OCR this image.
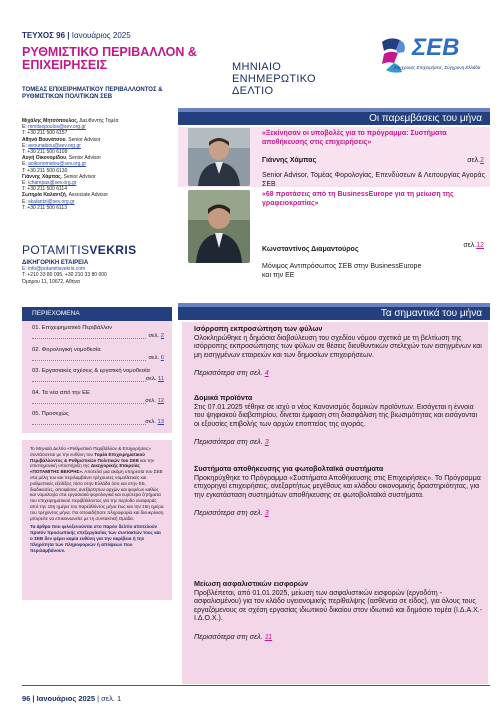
ΤΕΥΧΟΣ 96 | Ιανουάριος 2025
ΡΥΘΜΙΣΤΙΚΟ ΠΕΡΙΒΑΛΛΟΝ & ΕΠΙΧΕΙΡΗΣΕΙΣ	ΜΗΝΙΑΙΟ ΕΝΗΜΕΡΩΤΙΚΟ ΔΕΛΤΙΟ
ΣΕΒ
Σύγχρονες Επιχειρήσεις, Σύγχρονη Ελλάδα
ΤΟΜΕΑΣ ΕΠΙΧΕΙΡΗΜΑΤΙΚΟΥ ΠΕΡΙΒΑΛΛΟΝΤΟΣ & ΡΥΘΜΙΣΤΙΚΩΝ ΠΟΛΙΤΙΚΩΝ ΣΕΒ
Μιχάλης Μητσόπουλος, Διευθυντής Τομέα
E: mmitsopoulos@sev.org.gr
T: +30 211 500 6157
Αθηνά Βουνάτσου, Senior Advisor
E: avounatsou@sev.org.gr
T: +30 211 500 6109
Αυγή Οικονομίδου, Senior Advisor
E: aoikonomidou@sev.org.gr
T: +30 211 500 6130
Γιάννης Χάμπας, Senior Advisor
E: ichampas@sev.org.gr
T: +30 211 500 6114
Σωτηρία Καλαντζή, Associate Advisor
E: skalantzi@sev.org.gr
T: +30 211 500 6113
POTAMITISVEKRIS
ΔΙΚΗΓΟΡΙΚΗ ΕΤΑΙΡΕΙΑ
E: info@potamitisvekris.com
T: +210 33 80 095, +30 210 33 80 000
Όμηρου 11, 10672, Αθήνα
Οι παρεμβάσεις του μήνα
«Ξεκίνησαν οι υποβολές για το πρόγραμμα: Συστήματα αποθήκευσης στις επιχειρήσεις»
Γιάννης Χάμπας	σελ.2
Senior Advisor, Τομέας Φορολογίας, Επενδύσεων & Λειτουργίας Αγοράς ΣΕΒ
«68 προτάσεις από τη BusinessEurope για τη μείωση της γραφειοκρατίας»
Κωνσταντίνος Διαμαντούρος
σελ.12
Μόνιμος Αντιπρόσωπος ΣΕΒ στην BusinessEurope και την ΕΕ
Τα σημαντικά του μήνα
Ισόρροπη εκπροσώπηση των φύλων
Ολοκληρώθηκε η δημόσια διαβούλευση του σχεδίου νόμου σχετικά με τη βελτίωση της ισόρροπης εκπροσώπησης των φύλων σε θέσεις διευθυντικών στελεχών των εισηγμένων και μη εισηγμένων εταιρειών και των δημοσίων επιχειρήσεων.
Περισσότερα στη σελ. 4
Δομικά προϊόντα
Στις 07.01.2025 τέθηκε σε ισχύ ο νέος Κανονισμός δομικών προϊόντων. Εισάγεται η έννοια του ψηφιακού διαβατηρίου, δίνεται έμφαση στη διασφάλιση της βιωσιμότητας και εισάγονται οι εξουσίες επιβολής των αρχών εποπτείας της αγοράς.
Περισσότερα στη σελ. 3
Συστήματα αποθήκευσης για φωτοβολταϊκά συστήματα
Προκηρύχθηκε το Πρόγραμμα «Συστήματα Αποθήκευσης στις Επιχειρήσεις». Το Πρόγραμμα επιχορηγεί επιχειρήσεις, ανεξαρτήτως μεγέθους και κλάδου οικονομικής δραστηριότητας, για την εγκατάσταση συστημάτων αποθήκευσης σε φωτοβολταϊκά συστήματα.
Περισσότερα στη σελ. 3
Μείωση ασφαλιστικών εισφορών
Προβλέπεται, από 01.01.2025, μείωση των ασφαλιστικών εισφορών (εργοδότη - ασφαλισμένου) για τον κλάδο υγειονομικής περίθαλψης (ασθένεια σε είδος), για όλους τους εργαζόμενους σε σχέση εργασίας ιδιωτικού δικαίου στον ιδιωτικό και δημόσιο τομέα (Ι.Δ.Α.Χ.-Ι.Δ.Ο.Χ.).
Περισσότερα στη σελ. 11
ΠΕΡΙΕΧΟΜΕΝΑ
01. Επιχειρηματικό Περιβάλλον
σελ. 2
02. Φορολογική νομοθεσία
σελ. 6
03. Εργασιακές σχέσεις & εργατική νομοθεσία
σελ. 11
04. Τα νέα από την ΕΕ
σελ. 12
05. Προσεχώς
σελ. 13

Το Μηνιαίο Δελτίο «Ρυθμιστικό Περιβάλλον & Επιχειρήσεις» συντάσσεται με την ευθύνη του Τομέα Επιχειρηματικού Περιβάλλοντος & Ρυθμιστικών Πολιτικών του ΣΕΒ και την επιστημονική υποστήριξη της Δικηγορικής Εταιρείας «ΠΟΤΑΜΙΤΗΣ ΒΕΚΡΗΣ». Αποτελεί μια ακόμη υπηρεσία του ΣΕΒ στα μέλη του και περιλαμβάνει τρέχουσες νομοθετικές και ρυθμιστικές εξελίξεις τόσο στην Ελλάδα όσο και στην ΕΕ, διαδικασίες, αποφάσεις ανεξάρτητων αρχών και φορέων καθώς και νομολογία στα εργασιακά φορολογικά και ευρύτερα ζητήματα του επιχειρηματικού περιβάλλοντος για την περίοδο αναφοράς από την 15η ημέρα του παρελθόντος μήνα έως και την 15η ημέρα του τρέχοντος μήνα. Για οποιαδήποτε πληροφορία και διευκρίνιση μπορείτε να επικοινωνείτε με τη συντακτική Ομάδα.

Τα άρθρα που φιλοξενούνται στο παρόν δελτίο αποτελούν προϊόν προσωπικής επεξεργασίας των συντακτών τους και ο ΣΕΒ δεν φέρει καμία ευθύνη για την ακρίβεια ή την πληρότητα των πληροφοριών ή απόψεων που περιλαμβάνουν.

96 | Ιανουάριος 2025 | σελ. 1
